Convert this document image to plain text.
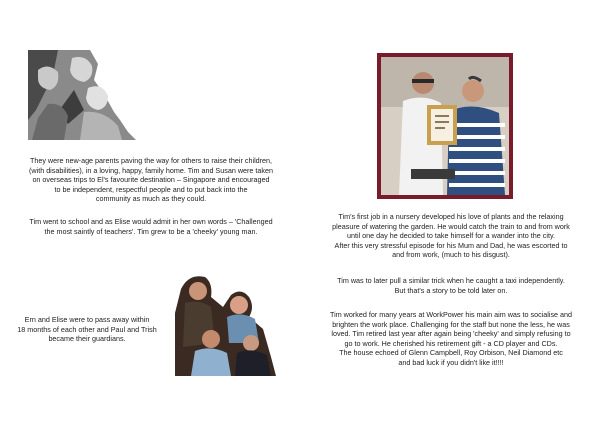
They were new-age parents paving the way for others to raise their children,
(with disabilities), in a loving, happy, family home. Tim and Susan were taken
on overseas trips to El's favourite destination – Singapore and encouraged
to be independent, respectful people and to put back into the
community as much as they could.

Tim went to school and as Elise would admit in her own words – 'Challenged
the most saintly of teachers'. Tim grew to be a 'cheeky' young man.

Ern and Elise were to pass away within
18 months of each other and Paul and Trish
became their guardians.

Tim's first job in a nursery developed his love of plants and the relaxing
pleasure of watering the garden. He would catch the train to and from work
until one day he decided to take himself for a wander into the city.
After this very stressful episode for his Mum and Dad, he was escorted to
and from work, (much to his disgust).

Tim was to later pull a similar trick when he caught a taxi independently.
But that's a story to be told later on.

Tim worked for many years at WorkPower his main aim was to socialise and
brighten the work place. Challenging for the staff but none the less, he was
loved. Tim retired last year after again being 'cheeky' and simply refusing to
go to work. He cherished his retirement gift - a CD player and CDs.
The house echoed of Glenn Campbell, Roy Orbison, Neil Diamond etc
and bad luck if you didn't like it!!!!
